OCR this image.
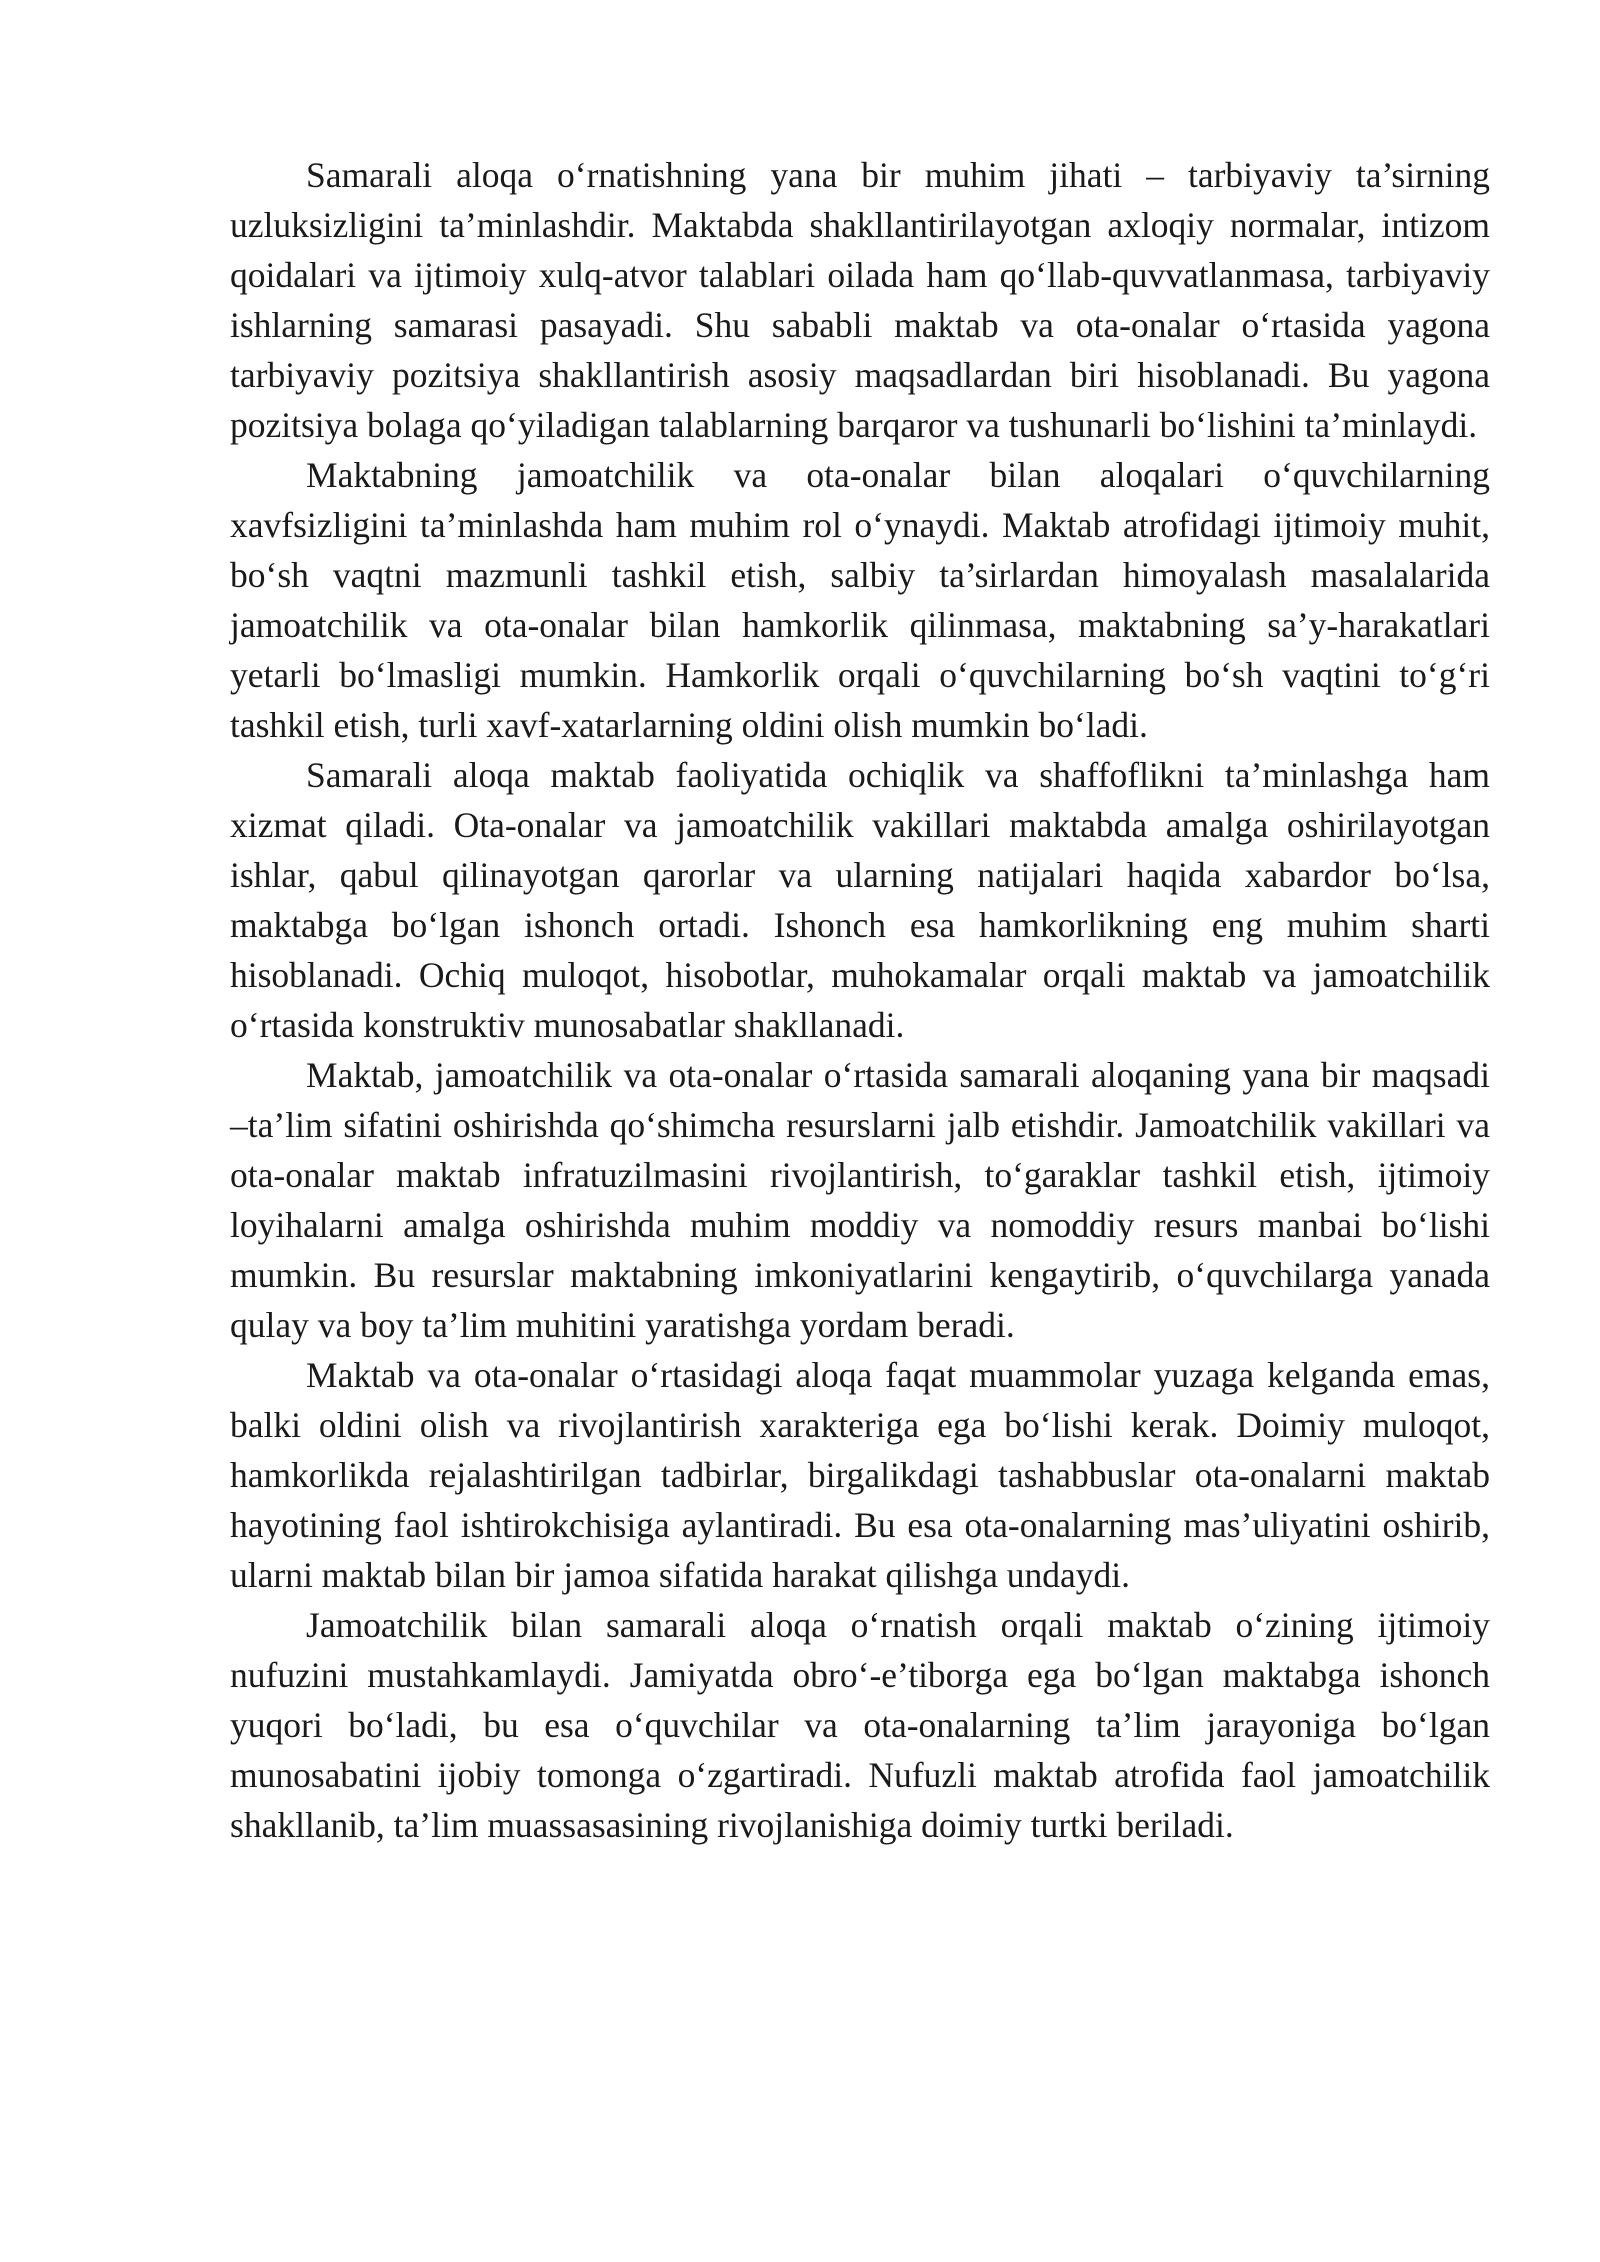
Samarali aloqa o‘rnatishning yana bir muhim jihati – tarbiyaviy ta’sirning uzluksizligini ta’minlashdir. Maktabda shakllantirilayotgan axloqiy normalar, intizom qoidalari va ijtimoiy xulq-atvor talablari oilada ham qo‘llab-quvvatlanmasa, tarbiyaviy ishlarning samarasi pasayadi. Shu sababli maktab va ota-onalar o‘rtasida yagona tarbiyaviy pozitsiya shakllantirish asosiy maqsadlardan biri hisoblanadi. Bu yagona pozitsiya bolaga qo‘yiladigan talablarning barqaror va tushunarli bo‘lishini ta’minlaydi.

Maktabning jamoatchilik va ota-onalar bilan aloqalari o‘quvchilarning xavfsizligini ta’minlashda ham muhim rol o‘ynaydi. Maktab atrofidagi ijtimoiy muhit, bo‘sh vaqtni mazmunli tashkil etish, salbiy ta’sirlardan himoyalash masalalarida jamoatchilik va ota-onalar bilan hamkorlik qilinmasa, maktabning sa’y-harakatlari yetarli bo‘lmasligi mumkin. Hamkorlik orqali o‘quvchilarning bo‘sh vaqtini to‘g‘ri tashkil etish, turli xavf-xatarlarning oldini olish mumkin bo‘ladi.

Samarali aloqa maktab faoliyatida ochiqlik va shaffoflikni ta’minlashga ham xizmat qiladi. Ota-onalar va jamoatchilik vakillari maktabda amalga oshirilayotgan ishlar, qabul qilinayotgan qarorlar va ularning natijalari haqida xabardor bo‘lsa, maktabga bo‘lgan ishonch ortadi. Ishonch esa hamkorlikning eng muhim sharti hisoblanadi. Ochiq muloqot, hisobotlar, muhokamalar orqali maktab va jamoatchilik o‘rtasida konstruktiv munosabatlar shakllanadi.

Maktab, jamoatchilik va ota-onalar o‘rtasida samarali aloqaning yana bir maqsadi –ta’lim sifatini oshirishda qo‘shimcha resurslarni jalb etishdir. Jamoatchilik vakillari va ota-onalar maktab infratuzilmasini rivojlantirish, to‘garaklar tashkil etish, ijtimoiy loyihalarni amalga oshirishda muhim moddiy va nomoddiy resurs manbai bo‘lishi mumkin. Bu resurslar maktabning imkoniyatlarini kengaytirib, o‘quvchilarga yanada qulay va boy ta’lim muhitini yaratishga yordam beradi.

Maktab va ota-onalar o‘rtasidagi aloqa faqat muammolar yuzaga kelganda emas, balki oldini olish va rivojlantirish xarakteriga ega bo‘lishi kerak. Doimiy muloqot, hamkorlikda rejalashtirilgan tadbirlar, birgalikdagi tashabbuslar ota-onalarni maktab hayotining faol ishtirokchisiga aylantiradi. Bu esa ota-onalarning mas’uliyatini oshirib, ularni maktab bilan bir jamoa sifatida harakat qilishga undaydi.

Jamoatchilik bilan samarali aloqa o‘rnatish orqali maktab o‘zining ijtimoiy nufuzini mustahkamlaydi. Jamiyatda obro‘-e’tiborga ega bo‘lgan maktabga ishonch yuqori bo‘ladi, bu esa o‘quvchilar va ota-onalarning ta’lim jarayoniga bo‘lgan munosabatini ijobiy tomonga o‘zgartiradi. Nufuzli maktab atrofida faol jamoatchilik shakllanib, ta’lim muassasasining rivojlanishiga doimiy turtki beriladi.
